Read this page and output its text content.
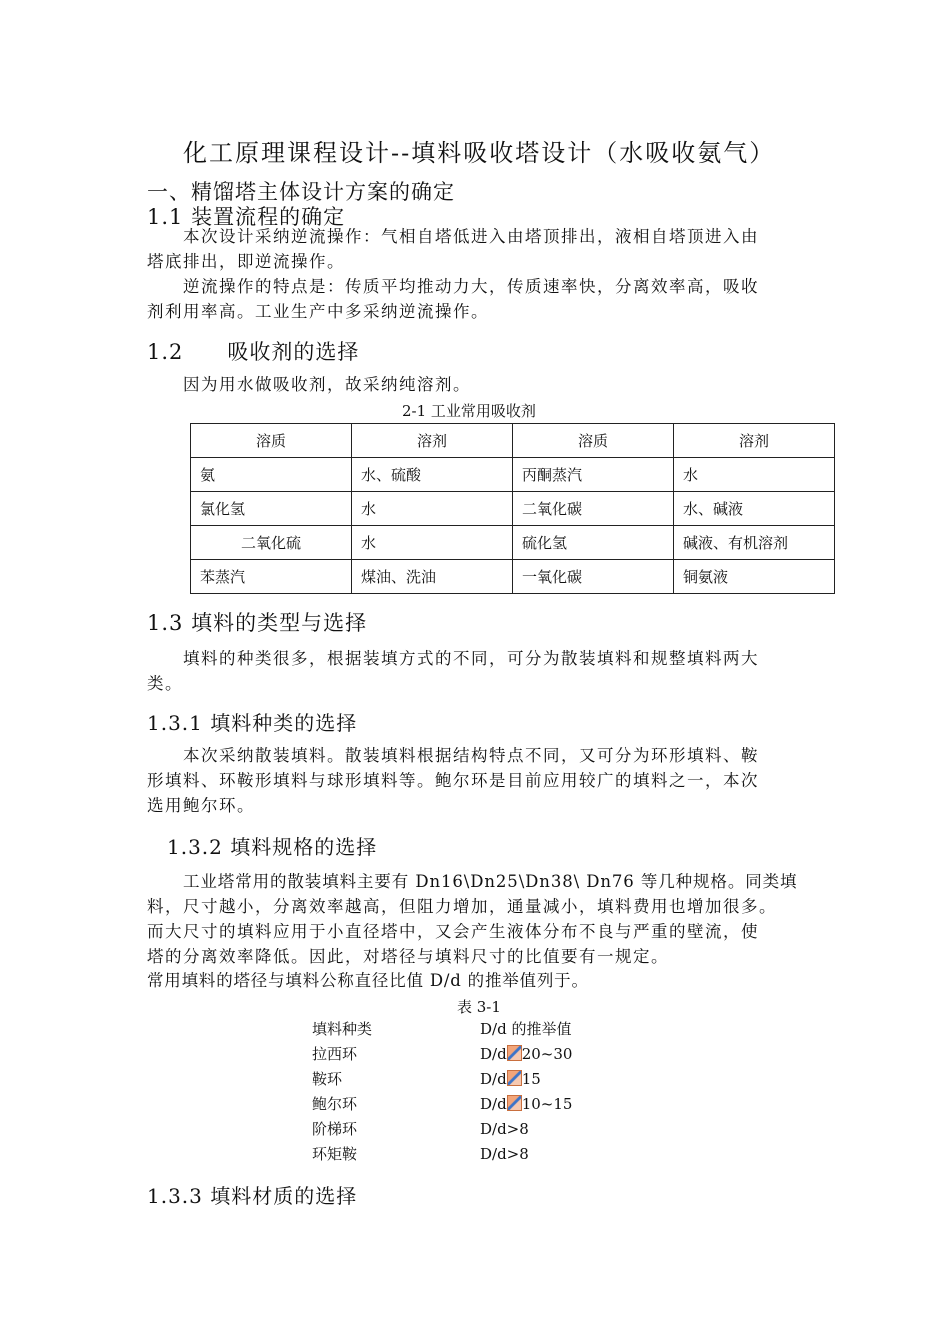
化工原理课程设计--填料吸收塔设计（水吸收氨气）
一、精馏塔主体设计方案的确定
1.1 装置流程的确定
本次设计采纳逆流操作：气相自塔低进入由塔顶排出，液相自塔顶进入由
塔底排出，即逆流操作。
逆流操作的特点是：传质平均推动力大，传质速率快，分离效率高，吸收
剂利用率高。工业生产中多采纳逆流操作。
1.2　　吸收剂的选择
因为用水做吸收剂，故采纳纯溶剂。
2-1 工业常用吸收剂
溶质	溶剂	溶质	溶剂
氨	水、硫酸	丙酮蒸汽	水
氯化氢	水	二氧化碳	水、碱液
二氧化硫	水	硫化氢	碱液、有机溶剂
苯蒸汽	煤油、洗油	一氧化碳	铜氨液
1.3 填料的类型与选择
填料的种类很多，根据装填方式的不同，可分为散装填料和规整填料两大
类。
1.3.1 填料种类的选择
本次采纳散装填料。散装填料根据结构特点不同，又可分为环形填料、鞍
形填料、环鞍形填料与球形填料等。鲍尔环是目前应用较广的填料之一，本次
选用鲍尔环。
1.3.2 填料规格的选择
工业塔常用的散装填料主要有 Dn16\Dn25\Dn38\ Dn76 等几种规格。同类填
料，尺寸越小，分离效率越高，但阻力增加，通量减小，填料费用也增加很多。
而大尺寸的填料应用于小直径塔中，又会产生液体分布不良与严重的壁流，使
塔的分离效率降低。因此，对塔径与填料尺寸的比值要有一规定。
常用填料的塔径与填料公称直径比值 D/d 的推举值列于。
表 3-1
填料种类	D/d 的推举值
拉西环	D/d 20~30
鞍环	D/d 15
鲍尔环	D/d 10~15
阶梯环	D/d>8
环矩鞍	D/d>8
1.3.3 填料材质的选择
